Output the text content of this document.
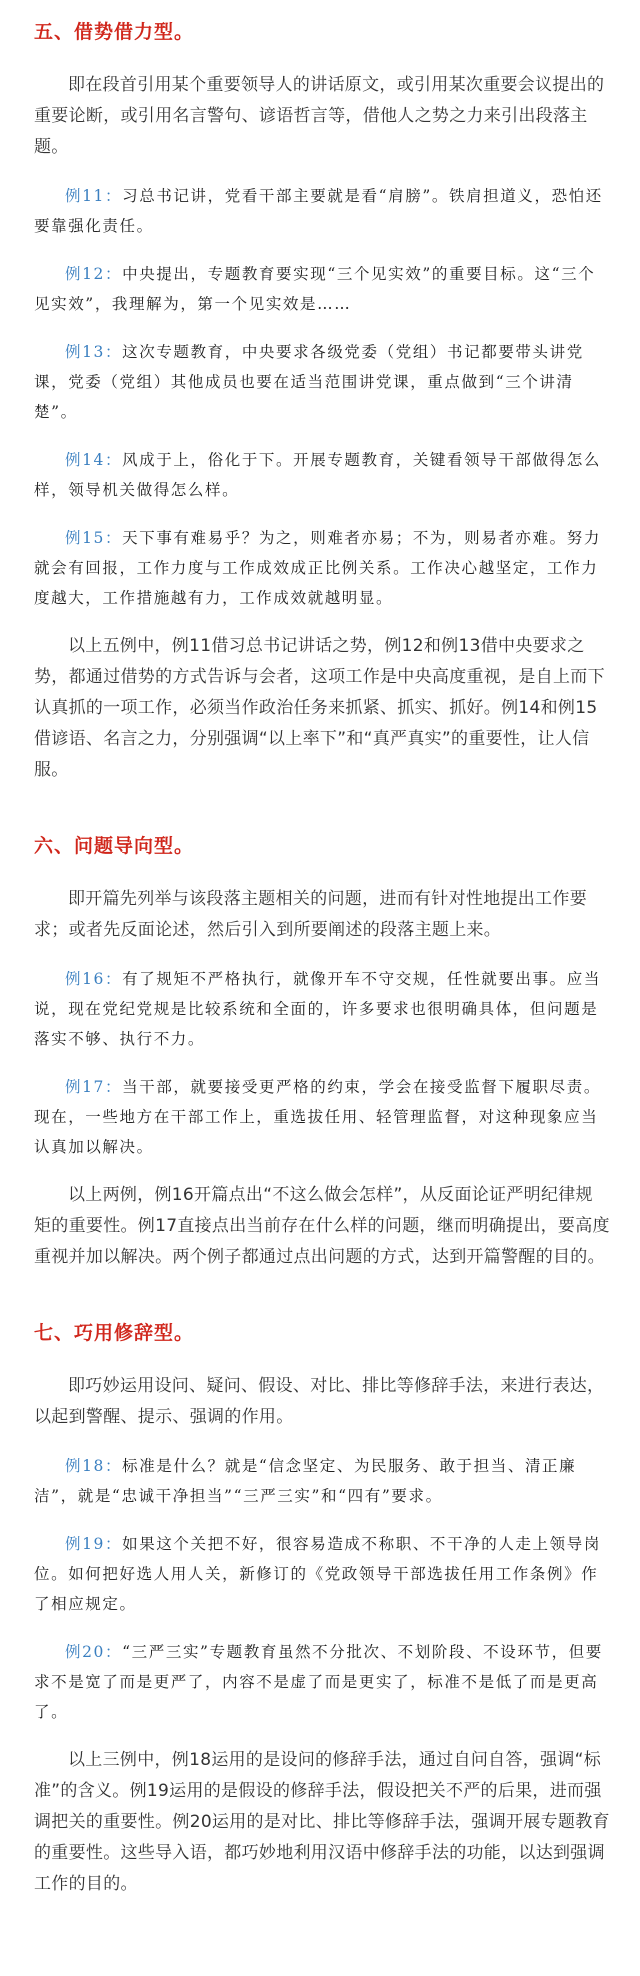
五、借势借力型。

即在段首引用某个重要领导人的讲话原文，或引用某次重要会议提出的重要论断，或引用名言警句、谚语哲言等，借他人之势之力来引出段落主题。

例11：习总书记讲，党看干部主要就是看“肩膀”。铁肩担道义，恐怕还要靠强化责任。

例12：中央提出，专题教育要实现“三个见实效”的重要目标。这“三个见实效”，我理解为，第一个见实效是……

例13：这次专题教育，中央要求各级党委（党组）书记都要带头讲党课，党委（党组）其他成员也要在适当范围讲党课，重点做到“三个讲清楚”。

例14：风成于上，俗化于下。开展专题教育，关键看领导干部做得怎么样，领导机关做得怎么样。

例15：天下事有难易乎？为之，则难者亦易；不为，则易者亦难。努力就会有回报，工作力度与工作成效成正比例关系。工作决心越坚定，工作力度越大，工作措施越有力，工作成效就越明显。

以上五例中，例11借习总书记讲话之势，例12和例13借中央要求之势，都通过借势的方式告诉与会者，这项工作是中央高度重视，是自上而下认真抓的一项工作，必须当作政治任务来抓紧、抓实、抓好。例14和例15借谚语、名言之力，分别强调“以上率下”和“真严真实”的重要性，让人信服。

六、问题导向型。

即开篇先列举与该段落主题相关的问题，进而有针对性地提出工作要求；或者先反面论述，然后引入到所要阐述的段落主题上来。

例16：有了规矩不严格执行，就像开车不守交规，任性就要出事。应当说，现在党纪党规是比较系统和全面的，许多要求也很明确具体，但问题是落实不够、执行不力。

例17：当干部，就要接受更严格的约束，学会在接受监督下履职尽责。现在，一些地方在干部工作上，重选拔任用、轻管理监督，对这种现象应当认真加以解决。

以上两例，例16开篇点出“不这么做会怎样”，从反面论证严明纪律规矩的重要性。例17直接点出当前存在什么样的问题，继而明确提出，要高度重视并加以解决。两个例子都通过点出问题的方式，达到开篇警醒的目的。

七、巧用修辞型。

即巧妙运用设问、疑问、假设、对比、排比等修辞手法，来进行表达，以起到警醒、提示、强调的作用。

例18：标准是什么？就是“信念坚定、为民服务、敢于担当、清正廉洁”，就是“忠诚干净担当”“三严三实”和“四有”要求。

例19：如果这个关把不好，很容易造成不称职、不干净的人走上领导岗位。如何把好选人用人关，新修订的《党政领导干部选拔任用工作条例》作了相应规定。

例20：“三严三实”专题教育虽然不分批次、不划阶段、不设环节，但要求不是宽了而是更严了，内容不是虚了而是更实了，标准不是低了而是更高了。

以上三例中，例18运用的是设问的修辞手法，通过自问自答，强调“标准”的含义。例19运用的是假设的修辞手法，假设把关不严的后果，进而强调把关的重要性。例20运用的是对比、排比等修辞手法，强调开展专题教育的重要性。这些导入语，都巧妙地利用汉语中修辞手法的功能，以达到强调工作的目的。
